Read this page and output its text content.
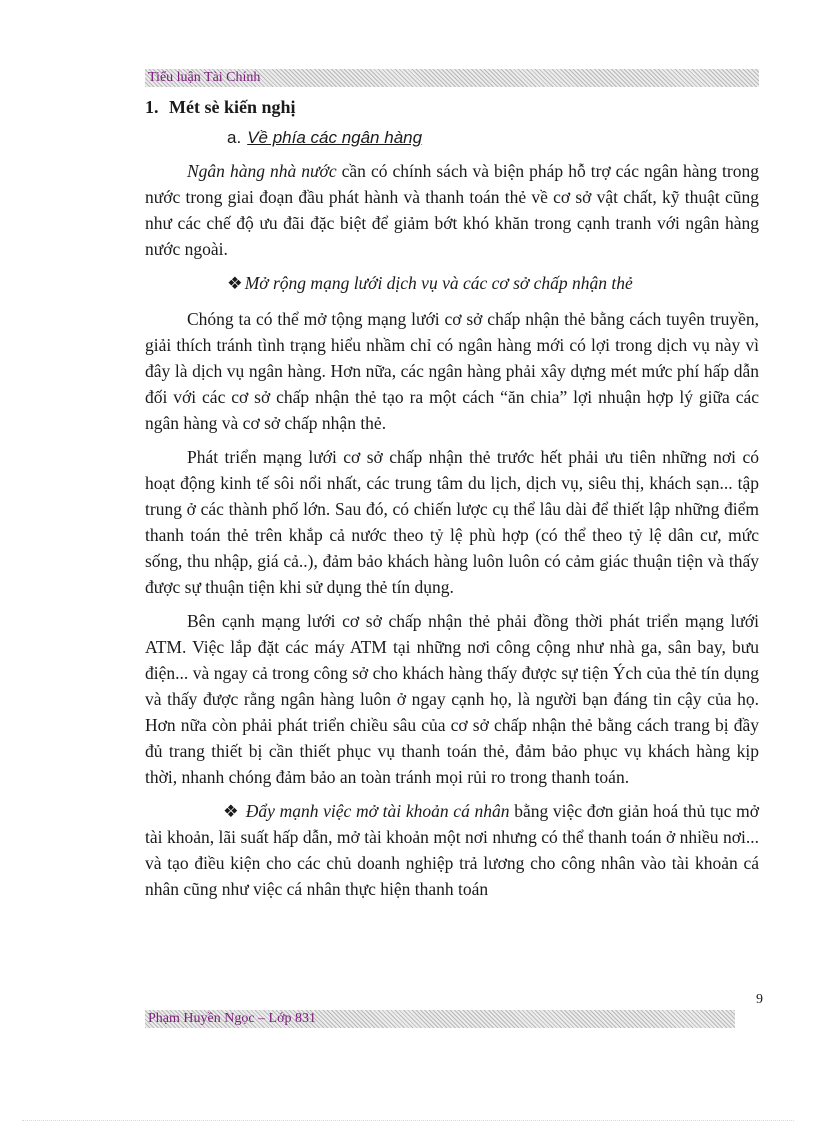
Tiểu luận Tài Chính
1. Mét sè kiến nghị
a. Về phía các ngân hàng

Ngân hàng nhà nước cần có chính sách và biện pháp hỗ trợ các ngân hàng trong nước trong giai đoạn đầu phát hành và thanh toán thẻ về cơ sở vật chất, kỹ thuật cũng như các chế độ ưu đãi đặc biệt để giảm bớt khó khăn trong cạnh tranh với ngân hàng nước ngoài.

❖ Mở rộng mạng lưới dịch vụ và các cơ sở chấp nhận thẻ

Chóng ta có thể mở tộng mạng lưới cơ sở chấp nhận thẻ bằng cách tuyên truyền, giải thích tránh tình trạng hiểu nhầm chỉ có ngân hàng mới có lợi trong dịch vụ này vì đây là dịch vụ ngân hàng. Hơn nữa, các ngân hàng phải xây dựng mét mức phí hấp dẫn đối với các cơ sở chấp nhận thẻ tạo ra một cách “ăn chia” lợi nhuận hợp lý giữa các ngân hàng và cơ sở chấp nhận thẻ.

Phát triển mạng lưới cơ sở chấp nhận thẻ trước hết phải ưu tiên những nơi có hoạt động kinh tế sôi nổi nhất, các trung tâm du lịch, dịch vụ, siêu thị, khách sạn... tập trung ở các thành phố lớn. Sau đó, có chiến lược cụ thể lâu dài để thiết lập những điểm thanh toán thẻ trên khắp cả nước theo tỷ lệ phù hợp (có thể theo tỷ lệ dân cư, mức sống, thu nhập, giá cả..), đảm bảo khách hàng luôn luôn có cảm giác thuận tiện và thấy được sự thuận tiện khi sử dụng thẻ tín dụng.

Bên cạnh mạng lưới cơ sở chấp nhận thẻ phải đồng thời phát triển mạng lưới ATM. Việc lắp đặt các máy ATM tại những nơi công cộng như nhà ga, sân bay, bưu điện... và ngay cả trong công sở cho khách hàng thấy được sự tiện Ých của thẻ tín dụng và thấy được rằng ngân hàng luôn ở ngay cạnh họ, là người bạn đáng tin cậy của họ. Hơn nữa còn phải phát triển chiều sâu của cơ sở chấp nhận thẻ bằng cách trang bị đầy đủ trang thiết bị cần thiết phục vụ thanh toán thẻ, đảm bảo phục vụ khách hàng kịp thời, nhanh chóng đảm bảo an toàn tránh mọi rủi ro trong thanh toán.

❖ Đẩy mạnh việc mở tài khoản cá nhân bằng việc đơn giản hoá thủ tục mở tài khoản, lãi suất hấp dẫn, mở tài khoản một nơi nhưng có thể thanh toán ở nhiều nơi... và tạo điều kiện cho các chủ doanh nghiệp trả lương cho công nhân vào tài khoản cá nhân cũng như việc cá nhân thực hiện thanh toán

9
Phạm Huyền Ngọc – Lớp 831
